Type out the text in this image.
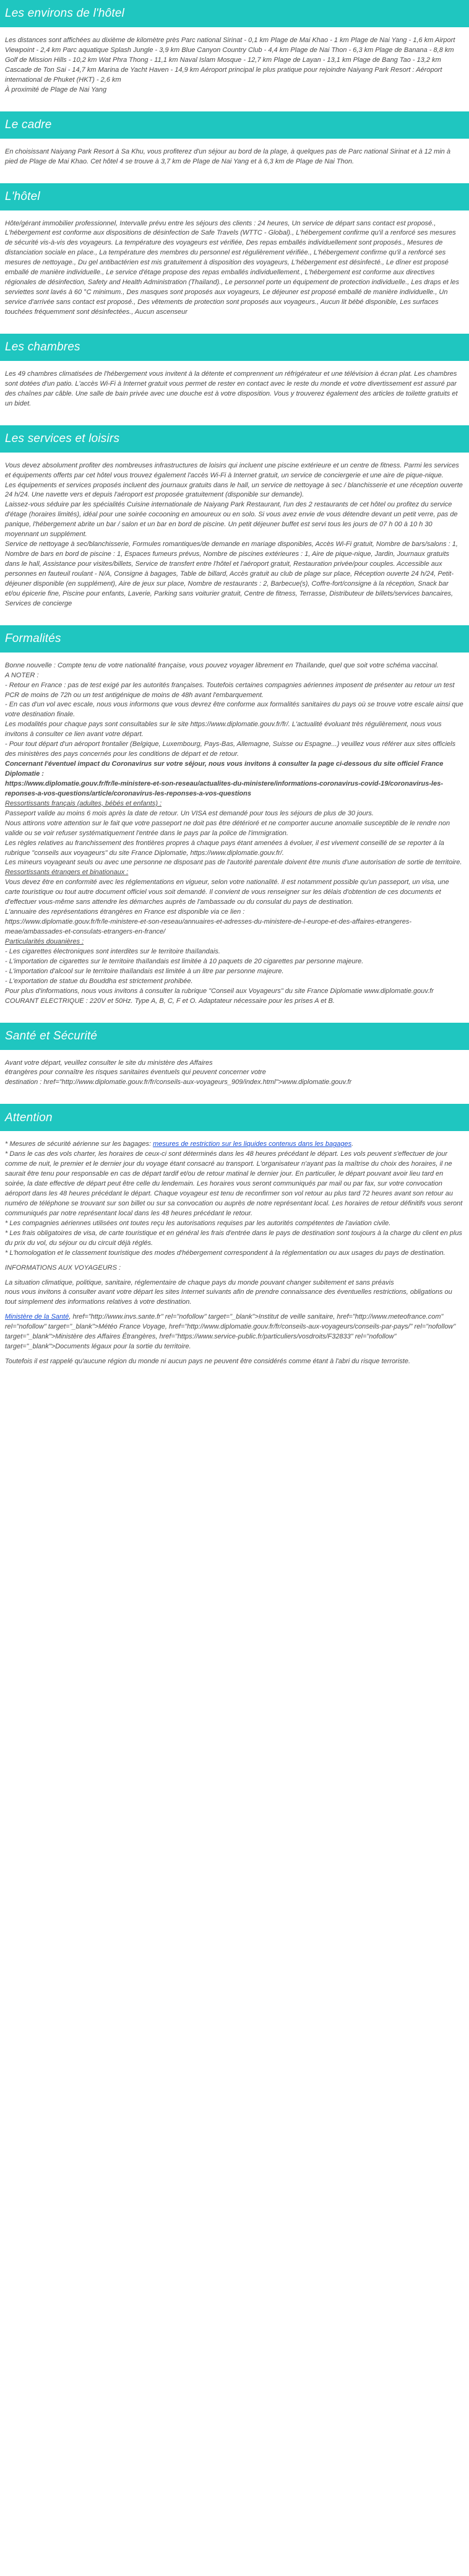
Les environs de l'hôtel

Les distances sont affichées au dixième de kilomètre près Parc national Sirinat - 0,1 km Plage de Mai Khao - 1 km Plage de Nai Yang - 1,6 km Airport Viewpoint - 2,4 km Parc aquatique Splash Jungle - 3,9 km Blue Canyon Country Club - 4,4 km Plage de Nai Thon - 6,3 km Plage de Banana - 8,8 km Golf de Mission Hills - 10,2 km Wat Phra Thong - 11,1 km Naval Islam Mosque - 12,7 km Plage de Layan - 13,1 km Plage de Bang Tao - 13,2 km Cascade de Ton Sai - 14,7 km Marina de Yacht Haven - 14,9 km Aéroport principal le plus pratique pour rejoindre Naiyang Park Resort : Aéroport international de Phuket (HKT) - 2,6 km

À proximité de Plage de Nai Yang

Le cadre

En choisissant Naiyang Park Resort à Sa Khu, vous profiterez d'un séjour au bord de la plage, à quelques pas de Parc national Sirinat et à 12 min à pied de Plage de Mai Khao. Cet hôtel 4 se trouve à 3,7 km de Plage de Nai Yang et à 6,3 km de Plage de Nai Thon.

L'hôtel

Hôte/gérant immobilier professionnel, Intervalle prévu entre les séjours des clients : 24 heures, Un service de départ sans contact est proposé., L'hébergement est conforme aux dispositions de désinfection de Safe Travels (WTTC - Global)., L'hébergement confirme qu'il a renforcé ses mesures de sécurité vis-à-vis des voyageurs. La température des voyageurs est vérifiée, Des repas emballés individuellement sont proposés., Mesures de distanciation sociale en place., La température des membres du personnel est régulièrement vérifiée., L'hébergement confirme qu'il a renforcé ses mesures de nettoyage., Du gel antibactérien est mis gratuitement à disposition des voyageurs, L'hébergement est désinfecté., Le dîner est proposé emballé de manière individuelle., Le service d'étage propose des repas emballés individuellement., L'hébergement est conforme aux directives régionales de désinfection, Safety and Health Administration (Thailand)., Le personnel porte un équipement de protection individuelle., Les draps et les serviettes sont lavés à 60 °C minimum., Des masques sont proposés aux voyageurs, Le déjeuner est proposé emballé de manière individuelle., Un service d'arrivée sans contact est proposé., Des vêtements de protection sont proposés aux voyageurs., Aucun lit bébé disponible, Les surfaces touchées fréquemment sont désinfectées., Aucun ascenseur

Les chambres

Les 49 chambres climatisées de l'hébergement vous invitent à la détente et comprennent un réfrigérateur et une télévision à écran plat. Les chambres sont dotées d'un patio. L'accès Wi-Fi à Internet gratuit vous permet de rester en contact avec le reste du monde et votre divertissement est assuré par des chaînes par câble. Une salle de bain privée avec une douche est à votre disposition. Vous y trouverez également des articles de toilette gratuits et un bidet.

Les services et loisirs

Vous devez absolument profiter des nombreuses infrastructures de loisirs qui incluent une piscine extérieure et un centre de fitness. Parmi les services et équipements offerts par cet hôtel vous trouvez également l'accès Wi-Fi à Internet gratuit, un service de conciergerie et une aire de pique-nique.

Les équipements et services proposés incluent des journaux gratuits dans le hall, un service de nettoyage à sec / blanchisserie et une réception ouverte 24 h/24. Une navette vers et depuis l'aéroport est proposée gratuitement (disponible sur demande).

Laissez-vous séduire par les spécialités Cuisine internationale de Naiyang Park Restaurant, l'un des 2 restaurants de cet hôtel ou profitez du service d'étage (horaires limités), idéal pour une soirée cocooning en amoureux ou en solo. Si vous avez envie de vous détendre devant un petit verre, pas de panique, l'hébergement abrite un bar / salon et un bar en bord de piscine. Un petit déjeuner buffet est servi tous les jours de 07 h 00 à 10 h 30 moyennant un supplément.

Service de nettoyage à sec/blanchisserie, Formules romantiques/de demande en mariage disponibles, Accès Wi-Fi gratuit, Nombre de bars/salons : 1, Nombre de bars en bord de piscine : 1, Espaces fumeurs prévus, Nombre de piscines extérieures : 1, Aire de pique-nique, Jardin, Journaux gratuits dans le hall, Assistance pour visites/billets, Service de transfert entre l'hôtel et l'aéroport gratuit, Restauration privée/pour couples. Accessible aux personnes en fauteuil roulant - N/A, Consigne à bagages, Table de billard, Accès gratuit au club de plage sur place, Réception ouverte 24 h/24, Petit-déjeuner disponible (en supplément), Aire de jeux sur place, Nombre de restaurants : 2, Barbecue(s), Coffre-fort/consigne à la réception, Snack bar et/ou épicerie fine, Piscine pour enfants, Laverie, Parking sans voiturier gratuit, Centre de fitness, Terrasse, Distributeur de billets/services bancaires, Services de concierge

Formalités

Bonne nouvelle : Compte tenu de votre nationalité française, vous pouvez voyager librement en Thaïlande, quel que soit votre schéma vaccinal.

A NOTER :

- Retour en France : pas de test exigé par les autorités françaises. Toutefois certaines compagnies aériennes imposent de présenter au retour un test PCR de moins de 72h ou un test antigénique de moins de 48h avant l'embarquement.
- En cas d'un vol avec escale, nous vous informons que vous devrez être conforme aux formalités sanitaires du pays où se trouve votre escale ainsi que votre destination finale.
Les modalités pour chaque pays sont consultables sur le site https://www.diplomatie.gouv.fr/fr/. L'actualité évoluant très régulièrement, nous vous invitons à consulter ce lien avant votre départ.
- Pour tout départ d'un aéroport frontalier (Belgique, Luxembourg, Pays-Bas, Allemagne, Suisse ou Espagne...) veuillez vous référer aux sites officiels des ministères des pays concernés pour les conditions de départ et de retour.

Concernant l'éventuel impact du Coronavirus sur votre séjour, nous vous invitons à consulter la page ci-dessous du site officiel France Diplomatie :
https://www.diplomatie.gouv.fr/fr/le-ministere-et-son-reseau/actualites-du-ministere/informations-coronavirus-covid-19/coronavirus-les-reponses-a-vos-questions/article/coronavirus-les-reponses-a-vos-questions

Ressortissants français (adultes, bébés et enfants) :

Passeport valide au moins 6 mois après la date de retour. Un VISA est demandé pour tous les séjours de plus de 30 jours.
Nous attirons votre attention sur le fait que votre passeport ne doit pas être détérioré et ne comporter aucune anomalie susceptible de le rendre non valide ou se voir refuser systématiquement l'entrée dans le pays par la police de l'immigration.

Les règles relatives au franchissement des frontières propres à chaque pays étant amenées à évoluer, il est vivement conseillé de se reporter à la rubrique "conseils aux voyageurs" du site France Diplomatie, https://www.diplomatie.gouv.fr/.

Les mineurs voyageant seuls ou avec une personne ne disposant pas de l'autorité parentale doivent être munis d'une autorisation de sortie de territoire.

Ressortissants étrangers et binationaux :

Vous devez être en conformité avec les réglementations en vigueur, selon votre nationalité. Il est notamment possible qu'un passeport, un visa, une carte touristique ou tout autre document officiel vous soit demandé. Il convient de vous renseigner sur les délais d'obtention de ces documents et d'effectuer vous-même sans attendre les démarches auprès de l'ambassade ou du consulat du pays de destination.
L'annuaire des représentations étrangères en France est disponible via ce lien :
https://www.diplomatie.gouv.fr/fr/le-ministere-et-son-reseau/annuaires-et-adresses-du-ministere-de-l-europe-et-des-affaires-etrangeres-meae/ambassades-et-consulats-etrangers-en-france/

Particularités douanières :

- Les cigarettes électroniques sont interdites sur le territoire thaïlandais.
- L'importation de cigarettes sur le territoire thaïlandais est limitée à 10 paquets de 20 cigarettes par personne majeure.
- L'importation d'alcool sur le territoire thaïlandais est limitée à un litre par personne majeure.
- L'exportation de statue du Bouddha est strictement prohibée.
Pour plus d'informations, nous vous invitons à consulter la rubrique "Conseil aux Voyageurs" du site France Diplomatie www.diplomatie.gouv.fr

COURANT ELECTRIQUE : 220V et 50Hz. Type A, B, C, F et O. Adaptateur nécessaire pour les prises A et B.

Santé et Sécurité

Avant votre départ, veuillez consulter le site du ministère des Affaires
étrangères pour connaître les risques sanitaires éventuels qui peuvent concerner votre
destination : href="http://www.diplomatie.gouv.fr/fr/conseils-aux-voyageurs_909/index.html">www.diplomatie.gouv.fr

Attention

* Mesures de sécurité aérienne sur les bagages: mesures de restriction sur les liquides contenus dans les bagages.
* Dans le cas des vols charter, les horaires de ceux-ci sont déterminés dans les 48 heures précédant le départ. Les vols peuvent s'effectuer de jour comme de nuit, le premier et le dernier jour du voyage étant consacré au transport. L'organisateur n'ayant pas la maîtrise du choix des horaires, il ne saurait être tenu pour responsable en cas de départ tardif et/ou de retour matinal le dernier jour. En particulier, le départ pouvant avoir lieu tard en soirée, la date effective de départ peut être celle du lendemain. Les horaires vous seront communiqués par mail ou par fax, sur votre convocation aéroport dans les 48 heures précédant le départ. Chaque voyageur est tenu de reconfirmer son vol retour au plus tard 72 heures avant son retour au numéro de téléphone se trouvant sur son billet ou sur sa convocation ou auprès de notre représentant local. Les horaires de retour définitifs vous seront communiqués par notre représentant local dans les 48 heures précédant le retour.
* Les compagnies aériennes utilisées ont toutes reçu les autorisations requises par les autorités compétentes de l'aviation civile.

* Les frais obligatoires de visa, de carte touristique et en général les frais d'entrée dans le pays de destination sont toujours à la charge du client en plus du prix du vol, du séjour ou du circuit déjà réglés.

* L'homologation et le classement touristique des modes d'hébergement correspondent à la réglementation ou aux usages du pays de destination.

INFORMATIONS AUX VOYAGEURS :

La situation climatique, politique, sanitaire, réglementaire de chaque pays du monde pouvant changer subitement et sans préavis
nous vous invitons à consulter avant votre départ les sites Internet suivants afin de prendre connaissance des éventuelles restrictions, obligations ou tout simplement des informations relatives à votre destination.

Ministère de la Santé, href="http://www.invs.sante.fr" rel="nofollow" target="_blank">Institut de veille sanitaire, href="http://www.meteofrance.com" rel="nofollow" target="_blank">Météo France Voyage, href="http://www.diplomatie.gouv.fr/fr/conseils-aux-voyageurs/conseils-par-pays/" rel="nofollow" target="_blank">Ministère des Affaires Étrangères, href="https://www.service-public.fr/particuliers/vosdroits/F32833" rel="nofollow" target="_blank">Documents légaux pour la sortie du territoire.

Toutefois il est rappelé qu'aucune région du monde ni aucun pays ne peuvent être considérés comme étant à l'abri du risque terroriste.
